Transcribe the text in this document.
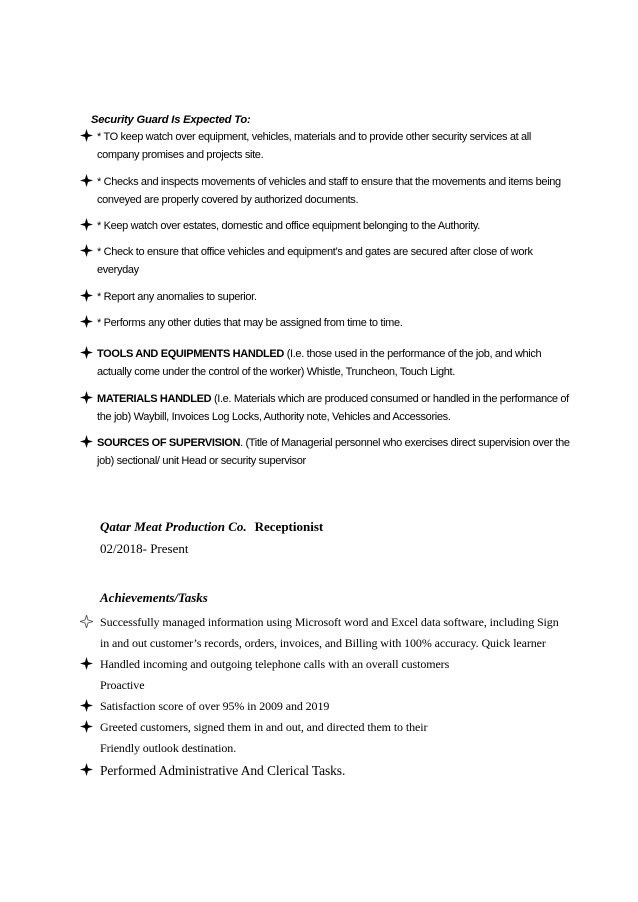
Security Guard Is Expected To:
* TO keep watch over equipment, vehicles, materials and to provide other security services at all company promises and projects site.
* Checks and inspects movements of vehicles and staff to ensure that the movements and items being conveyed are properly covered by authorized documents.
* Keep watch over estates, domestic and office equipment belonging to the Authority.
* Check to ensure that office vehicles and equipment’s and gates are secured after close of work everyday
* Report any anomalies to superior.
* Performs any other duties that may be assigned from time to time.
TOOLS AND EQUIPMENTS HANDLED (I.e. those used in the performance of the job, and which actually come under the control of the worker) Whistle, Truncheon, Touch Light.
MATERIALS HANDLED (I.e. Materials which are produced consumed or handled in the performance of the job) Waybill, Invoices Log Locks, Authority note, Vehicles and Accessories.
SOURCES OF SUPERVISION. (Title of Managerial personnel who exercises direct supervision over the job) sectional/ unit Head or security supervisor
Qatar Meat Production Co. Receptionist
02/2018- Present
Achievements/Tasks
Successfully managed information using Microsoft word and Excel data software, including Sign
in and out customer’s records, orders, invoices, and Billing with 100% accuracy. Quick learner
Handled incoming and outgoing telephone calls with an overall customers
Proactive
Satisfaction score of over 95% in 2009 and 2019
Greeted customers, signed them in and out, and directed them to their
Friendly outlook destination.
Performed Administrative And Clerical Tasks.
